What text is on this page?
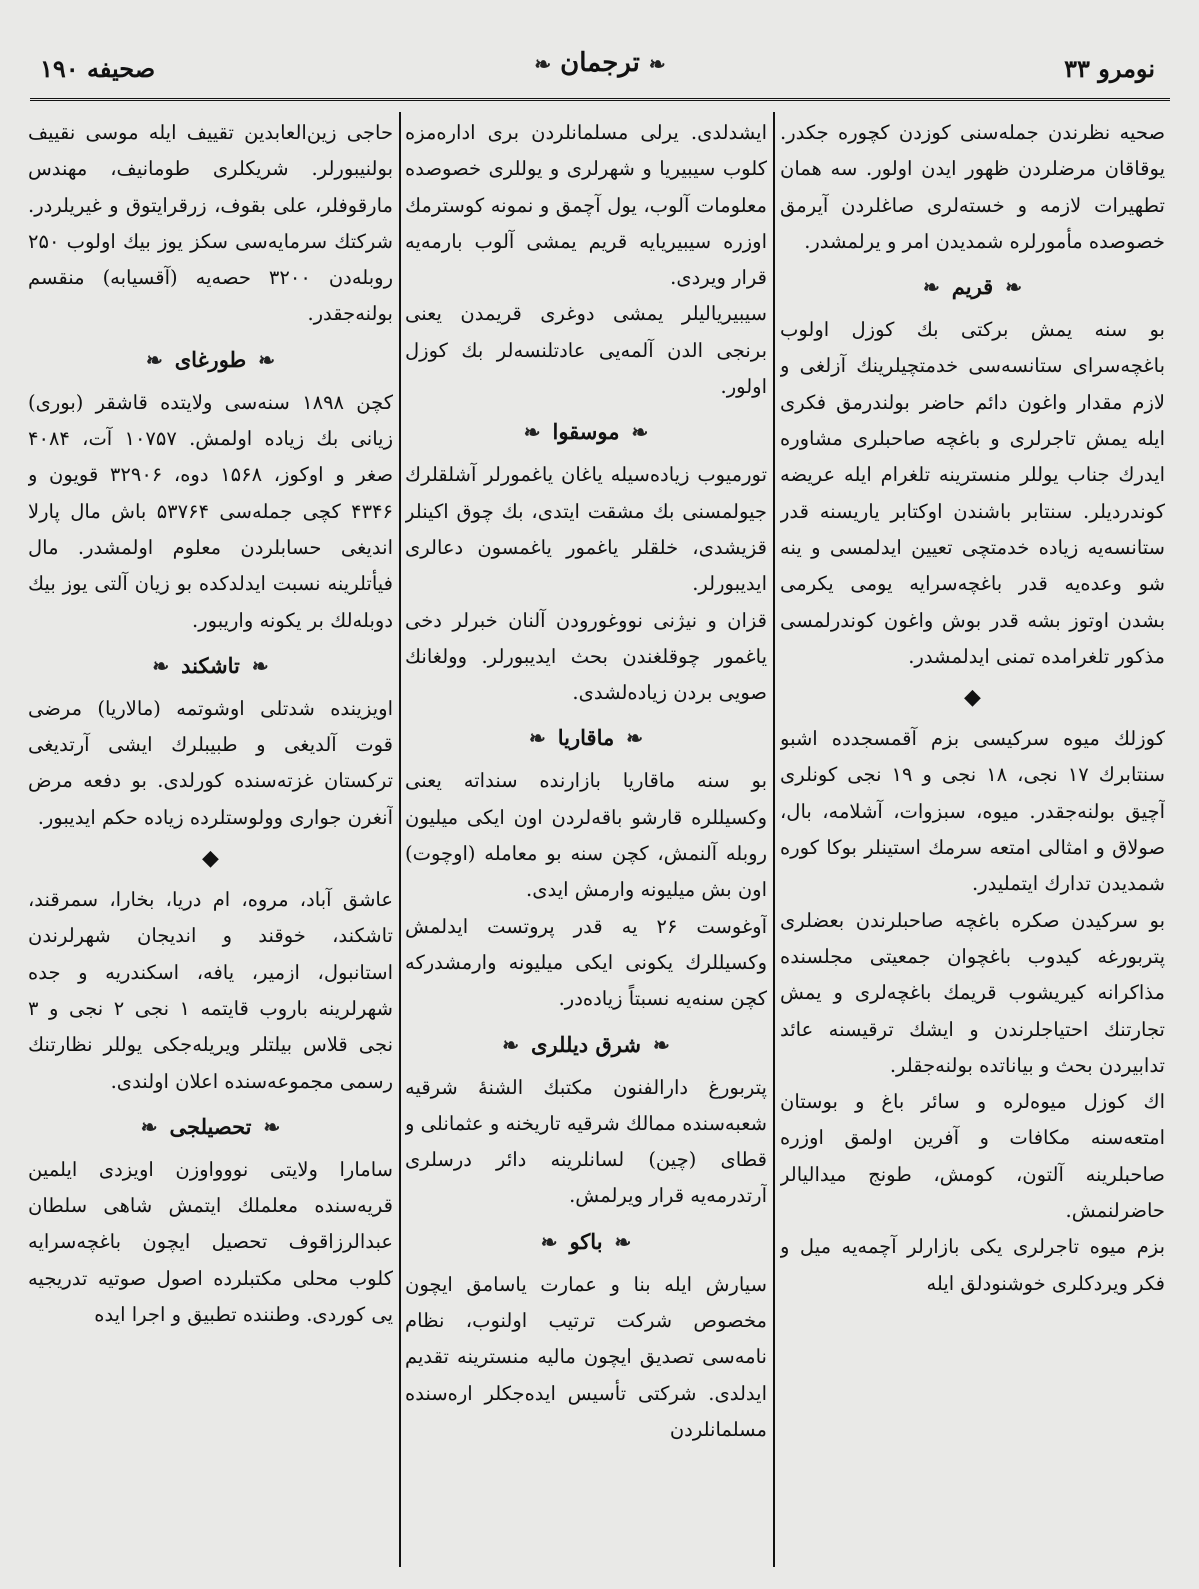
صحیفه ۱۹۰	❧ ترجمان ❧	نومرو ۳۳

صحیه نظرندن جمله‌سنی کوزدن کچوره جکدر. یوقاقان مرضلردن ظهور ایدن اولور. سه همان تطهیرات لازمه و خسته‌لری صاغلردن آیرمق خصوصده مأمورلره شمدیدن امر و یرلمشدر.

❧قریم❧

بو سنه یمش برکتی بك کوزل اولوب باغچه‌سرای ستانسه‌سی خدمتچیلرینك آزلغی و لازم مقدار واغون دائم حاضر بولندرمق فکری ایله یمش تاجرلری و باغچه صاحبلری مشاوره ایدرك جناب یوللر منسترینه تلغرام ایله عریضه کوندردیلر. سنتابر باشندن اوکتابر یاریسنه قدر ستانسه‌یه زیاده خدمتچی تعیین ایدلمسی و ینه شو وعده‌یه قدر باغچه‌سرایه یومی یکرمی بشدن اوتوز بشه قدر بوش واغون کوندرلمسی مذکور تلغرامده تمنی ایدلمشدر.

◆

کوزلك میوه سرکیسی بزم آقمسجدده اشبو سنتابرك ۱۷ نجی، ۱۸ نجی و ۱۹ نجی کونلری آچیق بولنه‌جقدر. میوه، سبزوات، آشلامه، بال، صولاق و امثالی امتعه سرمك استینلر بوکا کوره شمدیدن تدارك ایتملیدر.

بو سرکیدن صکره باغچه صاحبلرندن بعضلری پتربورغه کیدوب باغچوان جمعیتی مجلسنده مذاکرانه کیریشوب قریمك باغچه‌لری و یمش تجارتنك احتیاجلرندن و ایشك ترقیسنه عائد تدابیردن بحث و بیاناتده بولنه‌جقلر.

اك کوزل میوه‌لره و سائر باغ و بوستان امتعه‌سنه مکافات و آفرین اولمق اوزره صاحبلرینه آلتون، کومش، طونج میدالیالر حاضرلنمش.

بزم میوه تاجرلری یکی بازارلر آچمه‌یه میل و فکر ویردکلری خوشنودلق ایله

ایشدلدی. یرلی مسلمانلردن بری اداره‌مزه کلوب سیبیریا و شهرلری و یوللری خصوصده معلومات آلوب، یول آچمق و نمونه کوسترمك اوزره سیبیریایه قریم یمشی آلوب بارمه‌یه قرار ویردی.

سیبیریالیلر یمشی دوغری قریمدن یعنی برنجی الدن آلمه‌یی عادتلنسه‌لر بك کوزل اولور.

❧موسقوا❧

تورمیوب زیاده‌سیله یاغان یاغمورلر آشلقلرك جیولمسنی بك مشقت ایتدی، بك چوق اکینلر قزیشدی، خلقلر یاغمور یاغمسون دعالری ایدیبورلر.

قزان و نیژنی نووغورودن آلنان خبرلر دخی یاغمور چوقلغندن بحث ایدیبورلر. وولغانك صویی بردن زیاده‌لشدی.

❧ماقاریا❧

بو سنه ماقاریا بازارنده سنداته یعنی وکسیللره قارشو باقه‌لردن اون ایکی میلیون روبله آلنمش، کچن سنه بو معامله (اوچوت) اون بش میلیونه وارمش ایدی.

آوغوست ۲۶ یه قدر پروتست ایدلمش وکسیللرك یکونی ایکی میلیونه وارمشدرکه کچن سنه‌یه نسبتاً زیاده‌در.

❧شرق دیللری❧

پتربورغ دارالفنون مکتبك الشنهٔ شرقیه شعبه‌سنده ممالك شرقیه تاریخنه و عثمانلی و قطای (چین) لسانلرینه دائر درسلری آرتدرمه‌یه قرار ویرلمش.

❧باکو❧

سیارش ایله بنا و عمارت یاسامق ایچون مخصوص شرکت ترتیب اولنوب، نظام نامه‌سی تصدیق ایچون مالیه منسترینه تقدیم ایدلدی. شرکتی تأسیس ایده‌جکلر اره‌سنده مسلمانلردن

حاجی زین‌العابدین تقییف ایله موسی نقییف بولنیبورلر. شریکلری طومانیف، مهندس مارقوفلر، علی بقوف، زرقرایتوق و غیریلردر. شرکتك سرمایه‌سی سکز یوز بیك اولوب ۲۵۰ روبله‌دن ۳۲۰۰ حصه‌یه (آقسیابه) منقسم بولنه‌جقدر.

❧طورغای❧

کچن ۱۸۹۸ سنه‌سی ولایتده قاشقر (بوری) زیانی بك زیاده اولمش. ۱۰۷۵۷ آت، ۴۰۸۴ صغر و اوکوز، ۱۵۶۸ دوه، ۳۲۹۰۶ قویون و ۴۳۴۶ کچی جمله‌سی ۵۳۷۶۴ باش مال پارلا اندیغی حسابلردن معلوم اولمشدر. مال فیأتلرینه نسبت ایدلدکده بو زیان آلتی یوز بیك دوبله‌لك بر یکونه واریبور.

❧تاشکند❧

اویزینده شدتلی اوشوتمه (مالاریا) مرضی قوت آلدیغی و طبیبلرك ایشی آرتدیغی ترکستان غزته‌سنده کورلدی. بو دفعه مرض آنغرن جواری وولوستلرده زیاده حکم ایدیبور.

◆

عاشق آباد، مروه، ام دریا، بخارا، سمرقند، تاشکند، خوقند و اندیجان شهرلرندن استانبول، ازمیر، یافه، اسکندریه و جده شهرلرینه باروب قایتمه ۱ نجی ۲ نجی و ۳ نجی قلاس بیلتلر ویریله‌جکی یوللر نظارتنك رسمی مجموعه‌سنده اعلان اولندی.

❧تحصیلجی❧

سامارا ولایتی نووواوزن اویزدی ایلمین قریه‌سنده معلملك ایتمش شاهی سلطان عبدالرزاقوف تحصیل ایچون باغچه‌سرایه کلوب محلی مکتبلرده اصول صوتیه تدریجیه یی کوردی. وطننده تطبیق و اجرا ایده
